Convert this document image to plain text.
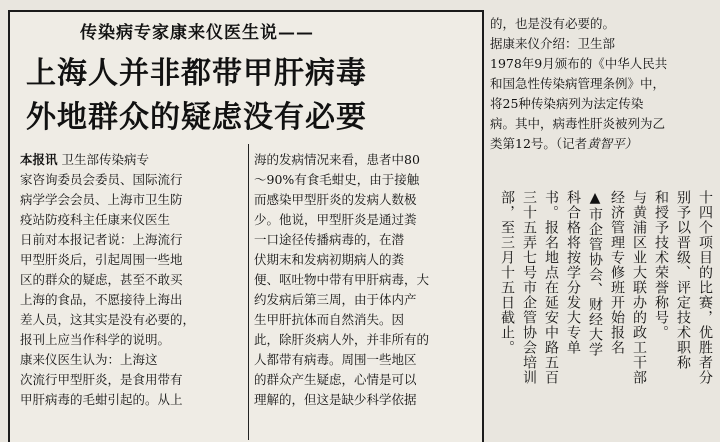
传染病专家康来仪医生说——
上海人并非都带甲肝病毒
外地群众的疑虑没有必要
本报讯 卫生部传染病专
家咨询委员会委员、国际流行
病学学会会员、上海市卫生防
疫站防疫科主任康来仪医生
日前对本报记者说：上海流行
甲型肝炎后，引起周围一些地
区的群众的疑虑，甚至不敢买
上海的食品，不愿接待上海出
差人员，这其实是没有必要的，
报刊上应当作科学的说明。
康来仪医生认为：上海这
次流行甲型肝炎，是食用带有
甲肝病毒的毛蚶引起的。从上
海的发病情况来看，患者中80
～90%有食毛蚶史，由于接触
而感染甲型肝炎的发病人数极
少。他说，甲型肝炎是通过粪
一口途径传播病毒的，在潜
伏期末和发病初期病人的粪
便、呕吐物中带有甲肝病毒，大
约发病后第三周，由于体内产
生甲肝抗体而自然消失。因
此，除肝炎病人外，并非所有的
人都带有病毒。周围一些地区
的群众产生疑虑，心情是可以
理解的，但这是缺少科学依据
的，也是没有必要的。
据康来仪介绍：卫生部
1978年9月颁布的《中华人民共
和国急性传染病管理条例》中，
将25种传染病列为法定传染
病。其中，病毒性肝炎被列为乙
类第12号。（记者黄智平）
十四个项目的比赛，优胜者分
别予以晋级、评定技术职称
和授予技术荣誉称号。
与黄浦区业大联办的政工干部
经济管理专修班开始报名
▲市企管协会、财经大学
科合格将按学分发大专单
书。报名地点在延安中路五百
三十五弄七号市企管协会培训
部，至三月十五日截止。
